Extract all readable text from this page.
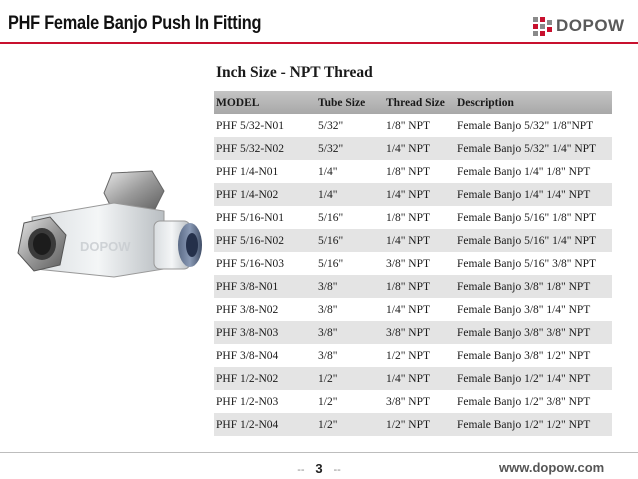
PHF Female Banjo Push In Fitting	DOPOW
DOPOW
Inch Size - NPT Thread
MODEL	Tube Size	Thread Size	Description
PHF 5/32-N01	5/32"	1/8" NPT	Female Banjo 5/32" 1/8"NPT
PHF 5/32-N02	5/32"	1/4" NPT	Female Banjo 5/32" 1/4" NPT
PHF 1/4-N01	1/4"	1/8" NPT	Female Banjo 1/4" 1/8" NPT
PHF 1/4-N02	1/4"	1/4" NPT	Female Banjo 1/4" 1/4" NPT
PHF 5/16-N01	5/16"	1/8" NPT	Female Banjo 5/16" 1/8" NPT
PHF 5/16-N02	5/16"	1/4" NPT	Female Banjo 5/16" 1/4" NPT
PHF 5/16-N03	5/16"	3/8" NPT	Female Banjo 5/16" 3/8" NPT
PHF 3/8-N01	3/8"	1/8" NPT	Female Banjo 3/8" 1/8" NPT
PHF 3/8-N02	3/8"	1/4" NPT	Female Banjo 3/8" 1/4" NPT
PHF 3/8-N03	3/8"	3/8" NPT	Female Banjo 3/8" 3/8" NPT
PHF 3/8-N04	3/8"	1/2" NPT	Female Banjo 3/8" 1/2" NPT
PHF 1/2-N02	1/2"	1/4" NPT	Female Banjo 1/2" 1/4" NPT
PHF 1/2-N03	1/2"	3/8" NPT	Female Banjo 1/2" 3/8" NPT
PHF 1/2-N04	1/2"	1/2" NPT	Female Banjo 1/2" 1/2" NPT
-- 3 --	www.dopow.com
